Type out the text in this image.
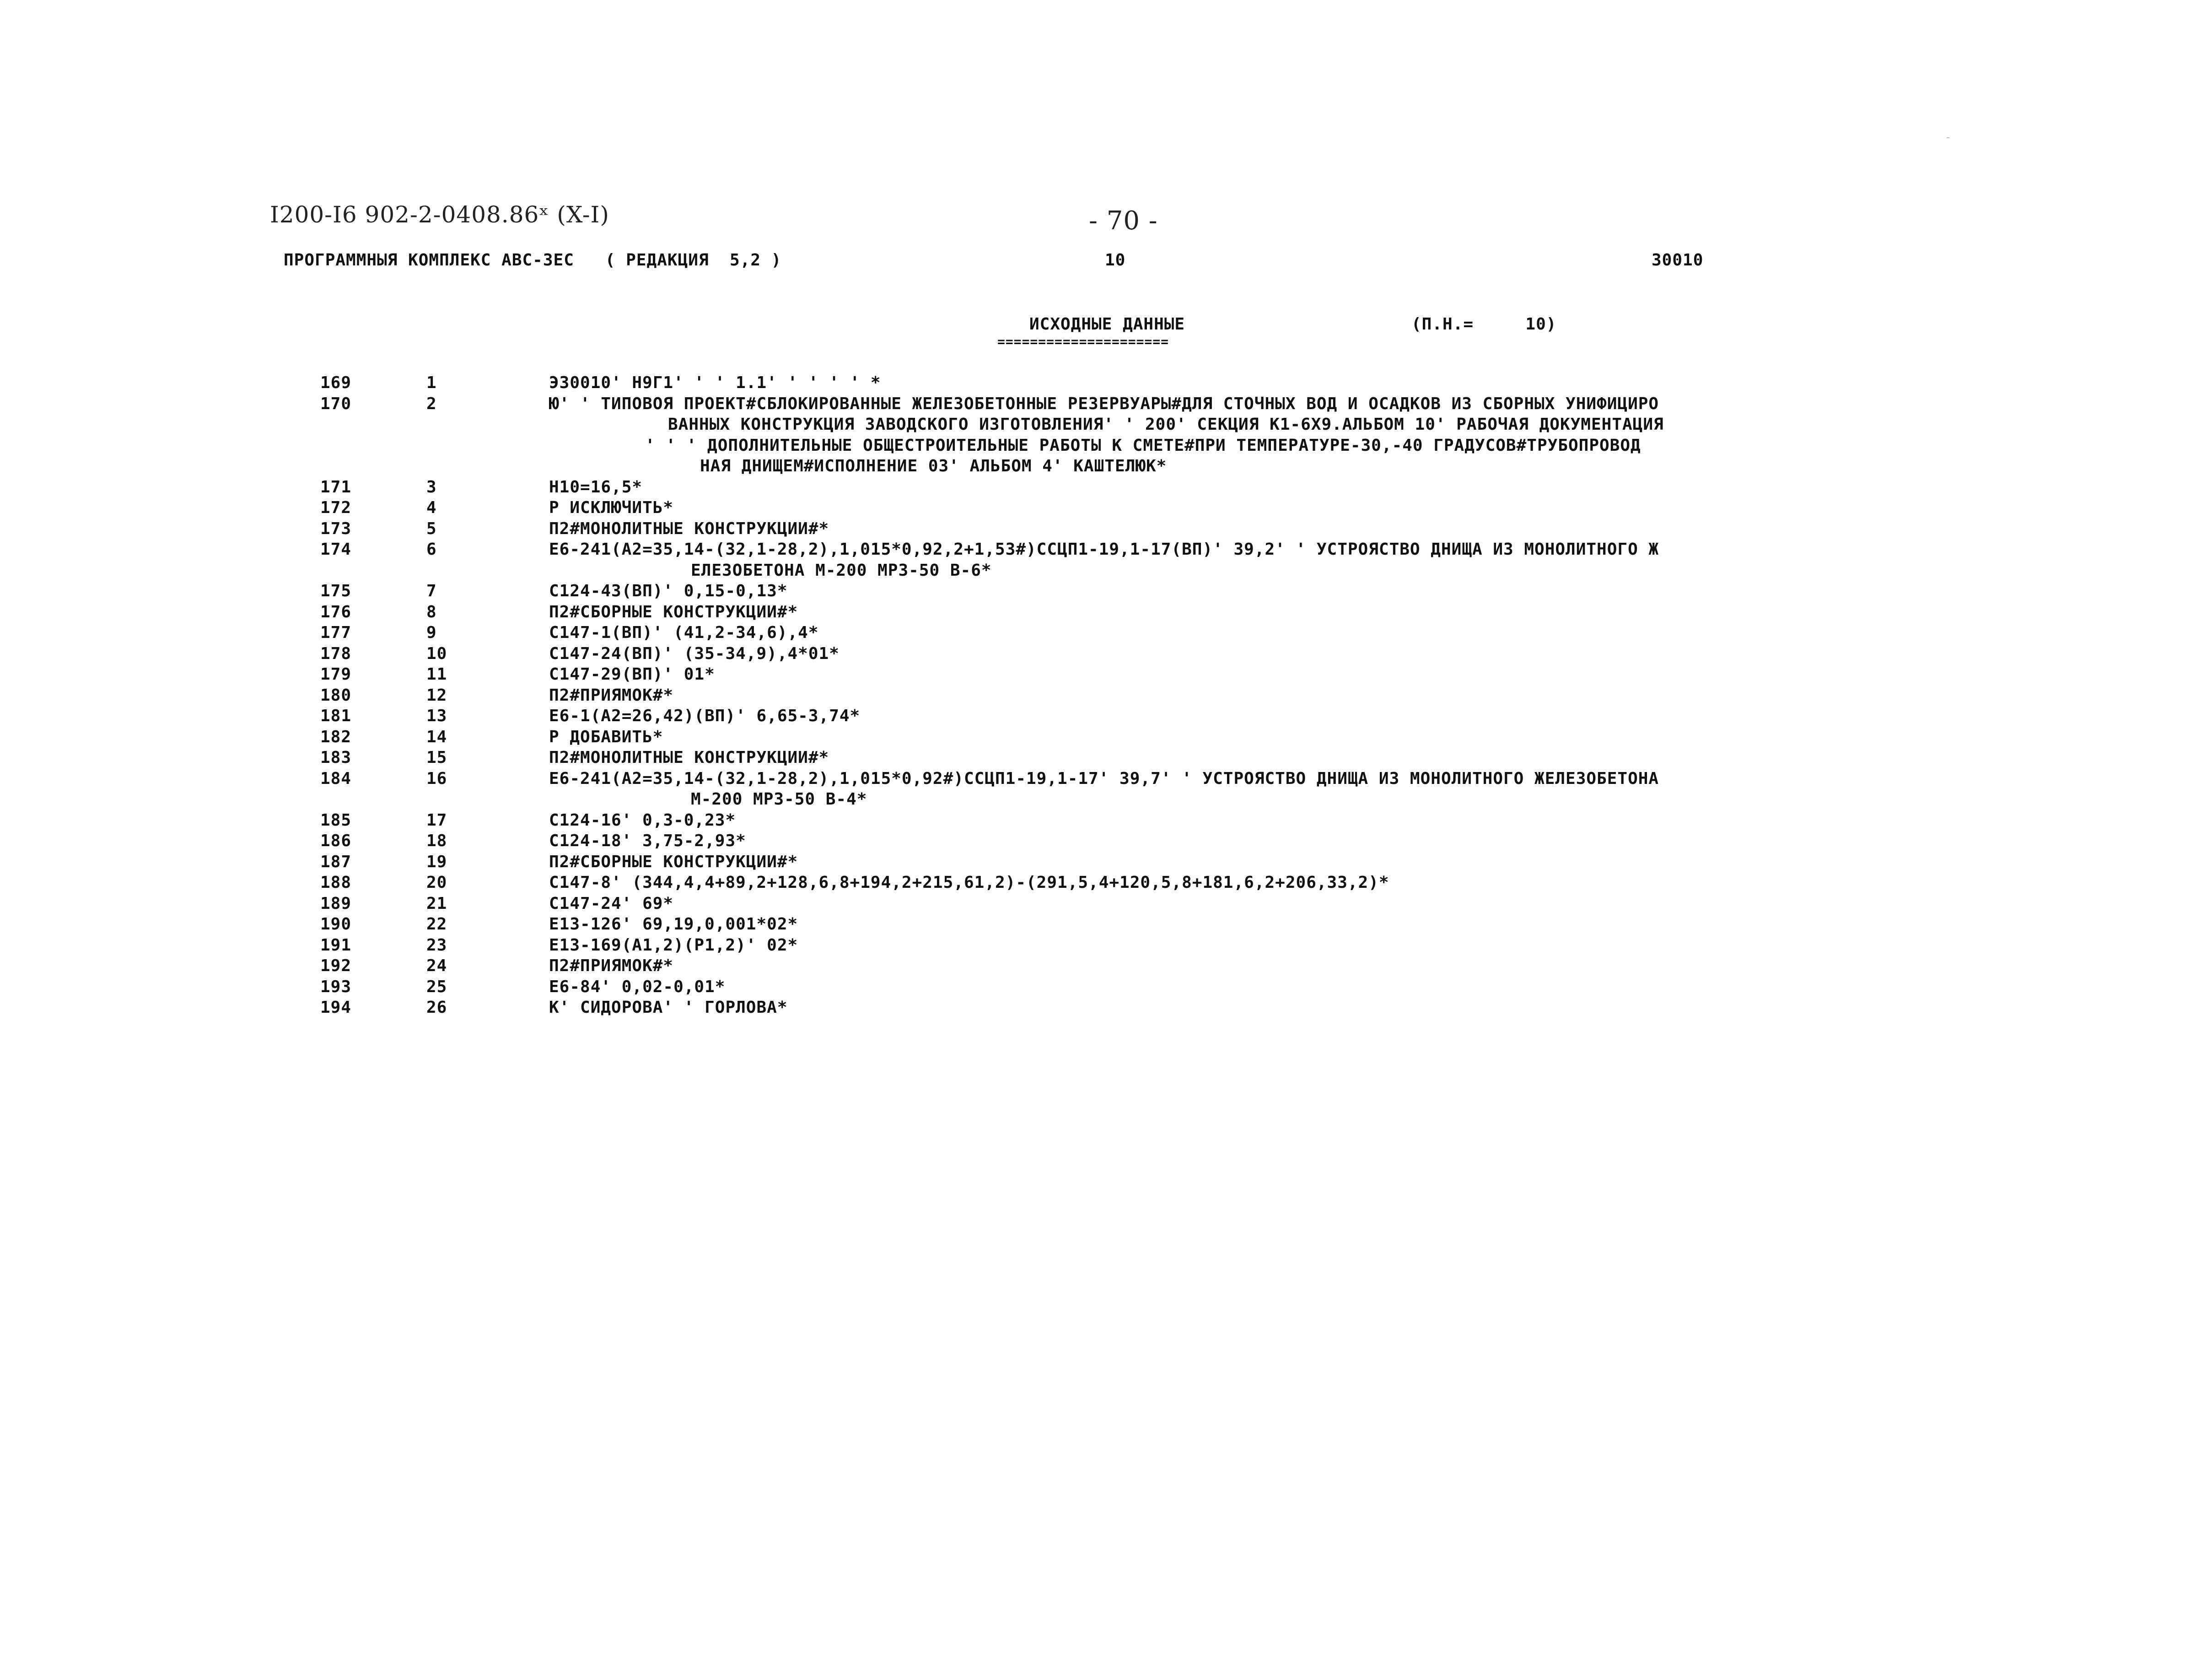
I200-I6 902-2-0408.86ˣ (X-I)	- 70 -
ПРОГРАММНЫЯ КОМПЛЕКС АВС-ЗЕС   ( РЕДАКЦИЯ  5,2 )	10	30010
ИСХОДНЫЕ ДАННЫЕ
=====================
(П.Н.=     10)
169	1	Э30010' Н9Г1' ' ' 1.1' ' ' ' ' *
170	2	Ю' ' ТИПОВОЯ ПРОЕКТ#СБЛОКИРОВАННЫЕ ЖЕЛЕЗОБЕТОННЫЕ РЕЗЕРВУАРЫ#ДЛЯ СТОЧНЫХ ВОД И ОСАДКОВ ИЗ СБОРНЫХ УНИФИЦИРО
ВАННЫХ КОНСТРУКЦИЯ ЗАВОДСКОГО ИЗГОТОВЛЕНИЯ' ' 200' СЕКЦИЯ К1-6Х9.АЛЬБОМ 10' РАБОЧАЯ ДОКУМЕНТАЦИЯ
' ' ' ДОПОЛНИТЕЛЬНЫЕ ОБЩЕСТРОИТЕЛЬНЫЕ РАБОТЫ К СМЕТЕ#ПРИ ТЕМПЕРАТУРЕ-30,-40 ГРАДУСОВ#ТРУБОПРОВОД
НАЯ ДНИЩЕМ#ИСПОЛНЕНИЕ 03' АЛЬБОМ 4' КАШТЕЛЮК*
171	3	Н10=16,5*
172	4	Р ИСКЛЮЧИТЬ*
173	5	П2#МОНОЛИТНЫЕ КОНСТРУКЦИИ#*
174	6	Е6-241(А2=35,14-(32,1-28,2),1,015*0,92,2+1,53#)ССЦП1-19,1-17(ВП)' 39,2' ' УСТРОЯСТВО ДНИЩА ИЗ МОНОЛИТНОГО Ж
ЕЛЕЗОБЕТОНА М-200 МРЗ-50 В-6*
175	7	С124-43(ВП)' 0,15-0,13*
176	8	П2#СБОРНЫЕ КОНСТРУКЦИИ#*
177	9	С147-1(ВП)' (41,2-34,6),4*
178	10	С147-24(ВП)' (35-34,9),4*01*
179	11	С147-29(ВП)' 01*
180	12	П2#ПРИЯМОК#*
181	13	Е6-1(А2=26,42)(ВП)' 6,65-3,74*
182	14	Р ДОБАВИТЬ*
183	15	П2#МОНОЛИТНЫЕ КОНСТРУКЦИИ#*
184	16	Е6-241(А2=35,14-(32,1-28,2),1,015*0,92#)ССЦП1-19,1-17' 39,7' ' УСТРОЯСТВО ДНИЩА ИЗ МОНОЛИТНОГО ЖЕЛЕЗОБЕТОНА
М-200 МРЗ-50 В-4*
185	17	С124-16' 0,3-0,23*
186	18	С124-18' 3,75-2,93*
187	19	П2#СБОРНЫЕ КОНСТРУКЦИИ#*
188	20	С147-8' (344,4,4+89,2+128,6,8+194,2+215,61,2)-(291,5,4+120,5,8+181,6,2+206,33,2)*
189	21	С147-24' 69*
190	22	Е13-126' 69,19,0,001*02*
191	23	Е13-169(А1,2)(Р1,2)' 02*
192	24	П2#ПРИЯМОК#*
193	25	Е6-84' 0,02-0,01*
194	26	К' СИДОРОВА' ' ГОРЛОВА*
